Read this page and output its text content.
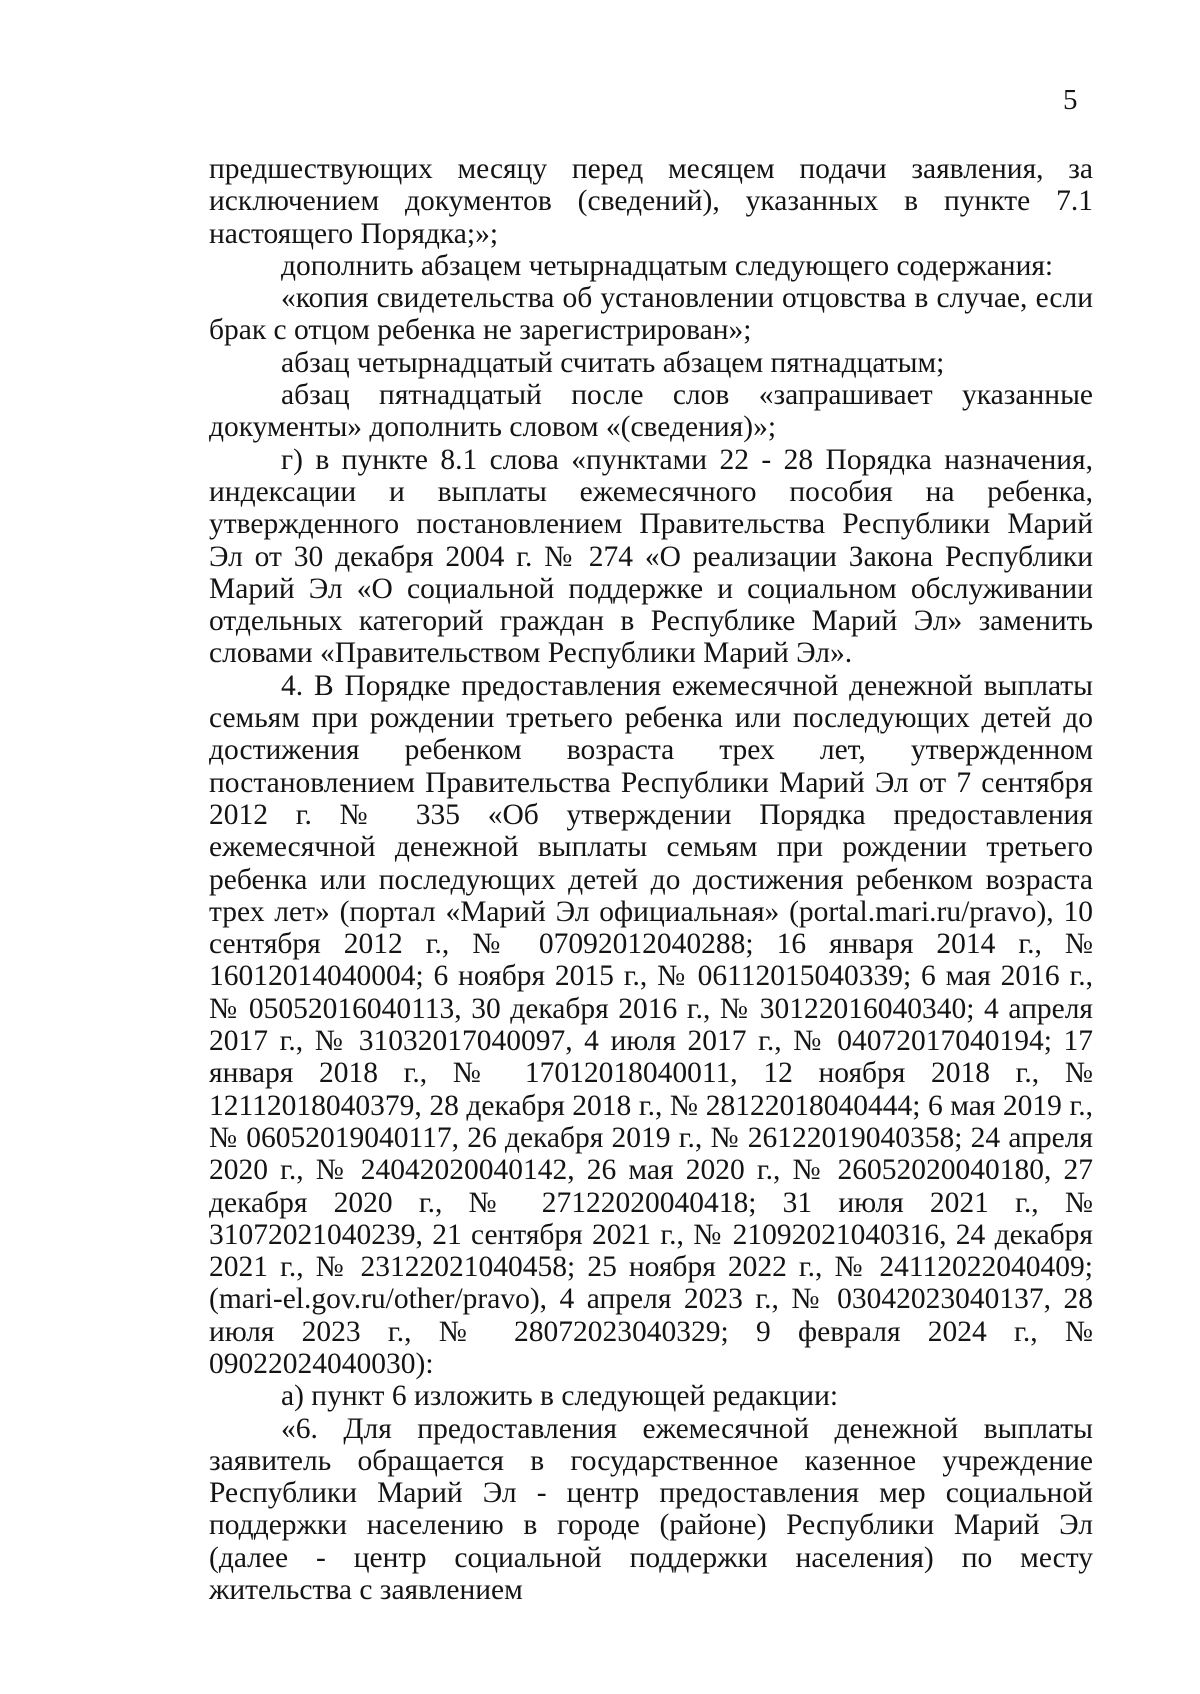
5

предшествующих месяцу перед месяцем подачи заявления, за исключением документов (сведений), указанных в пункте 7.1 настоящего Порядка;»;

дополнить абзацем четырнадцатым следующего содержания:

«копия свидетельства об установлении отцовства в случае, если брак с отцом ребенка не зарегистрирован»;

абзац четырнадцатый считать абзацем пятнадцатым;

абзац пятнадцатый после слов «запрашивает указанные документы» дополнить словом «(сведения)»;

г) в пункте 8.1 слова «пунктами 22 - 28 Порядка назначения, индексации и выплаты ежемесячного пособия на ребенка, утвержденного постановлением Правительства Республики Марий Эл от 30 декабря 2004 г. № 274 «О реализации Закона Республики Марий Эл «О социальной поддержке и социальном обслуживании отдельных категорий граждан в Республике Марий Эл» заменить словами «Правительством Республики Марий Эл».

4. В Порядке предоставления ежемесячной денежной выплаты семьям при рождении третьего ребенка или последующих детей до достижения ребенком возраста трех лет, утвержденном постановлением Правительства Республики Марий Эл от 7 сентября 2012 г. № 335 «Об утверждении Порядка предоставления ежемесячной денежной выплаты семьям при рождении третьего ребенка или последующих детей до достижения ребенком возраста трех лет» (портал «Марий Эл официальная» (portal.mari.ru/pravo), 10 сентября 2012 г., № 07092012040288; 16 января 2014 г., № 16012014040004; 6 ноября 2015 г., № 06112015040339; 6 мая 2016 г., № 05052016040113, 30 декабря 2016 г., № 30122016040340; 4 апреля 2017 г., № 31032017040097, 4 июля 2017 г., № 04072017040194; 17 января 2018 г., № 17012018040011, 12 ноября 2018 г., № 12112018040379, 28 декабря 2018 г., № 28122018040444; 6 мая 2019 г., № 06052019040117, 26 декабря 2019 г., № 26122019040358; 24 апреля 2020 г., № 24042020040142, 26 мая 2020 г., № 26052020040180, 27 декабря 2020 г., № 27122020040418; 31 июля 2021 г., № 31072021040239, 21 сентября 2021 г., № 21092021040316, 24 декабря 2021 г., № 23122021040458; 25 ноября 2022 г., № 24112022040409; (mari-el.gov.ru/other/pravo), 4 апреля 2023 г., № 03042023040137, 28 июля 2023 г., № 28072023040329; 9 февраля 2024 г., № 09022024040030):

а) пункт 6 изложить в следующей редакции:

«6. Для предоставления ежемесячной денежной выплаты заявитель обращается в государственное казенное учреждение Республики Марий Эл - центр предоставления мер социальной поддержки населению в городе (районе) Республики Марий Эл (далее - центр социальной поддержки населения) по месту жительства с заявлением
